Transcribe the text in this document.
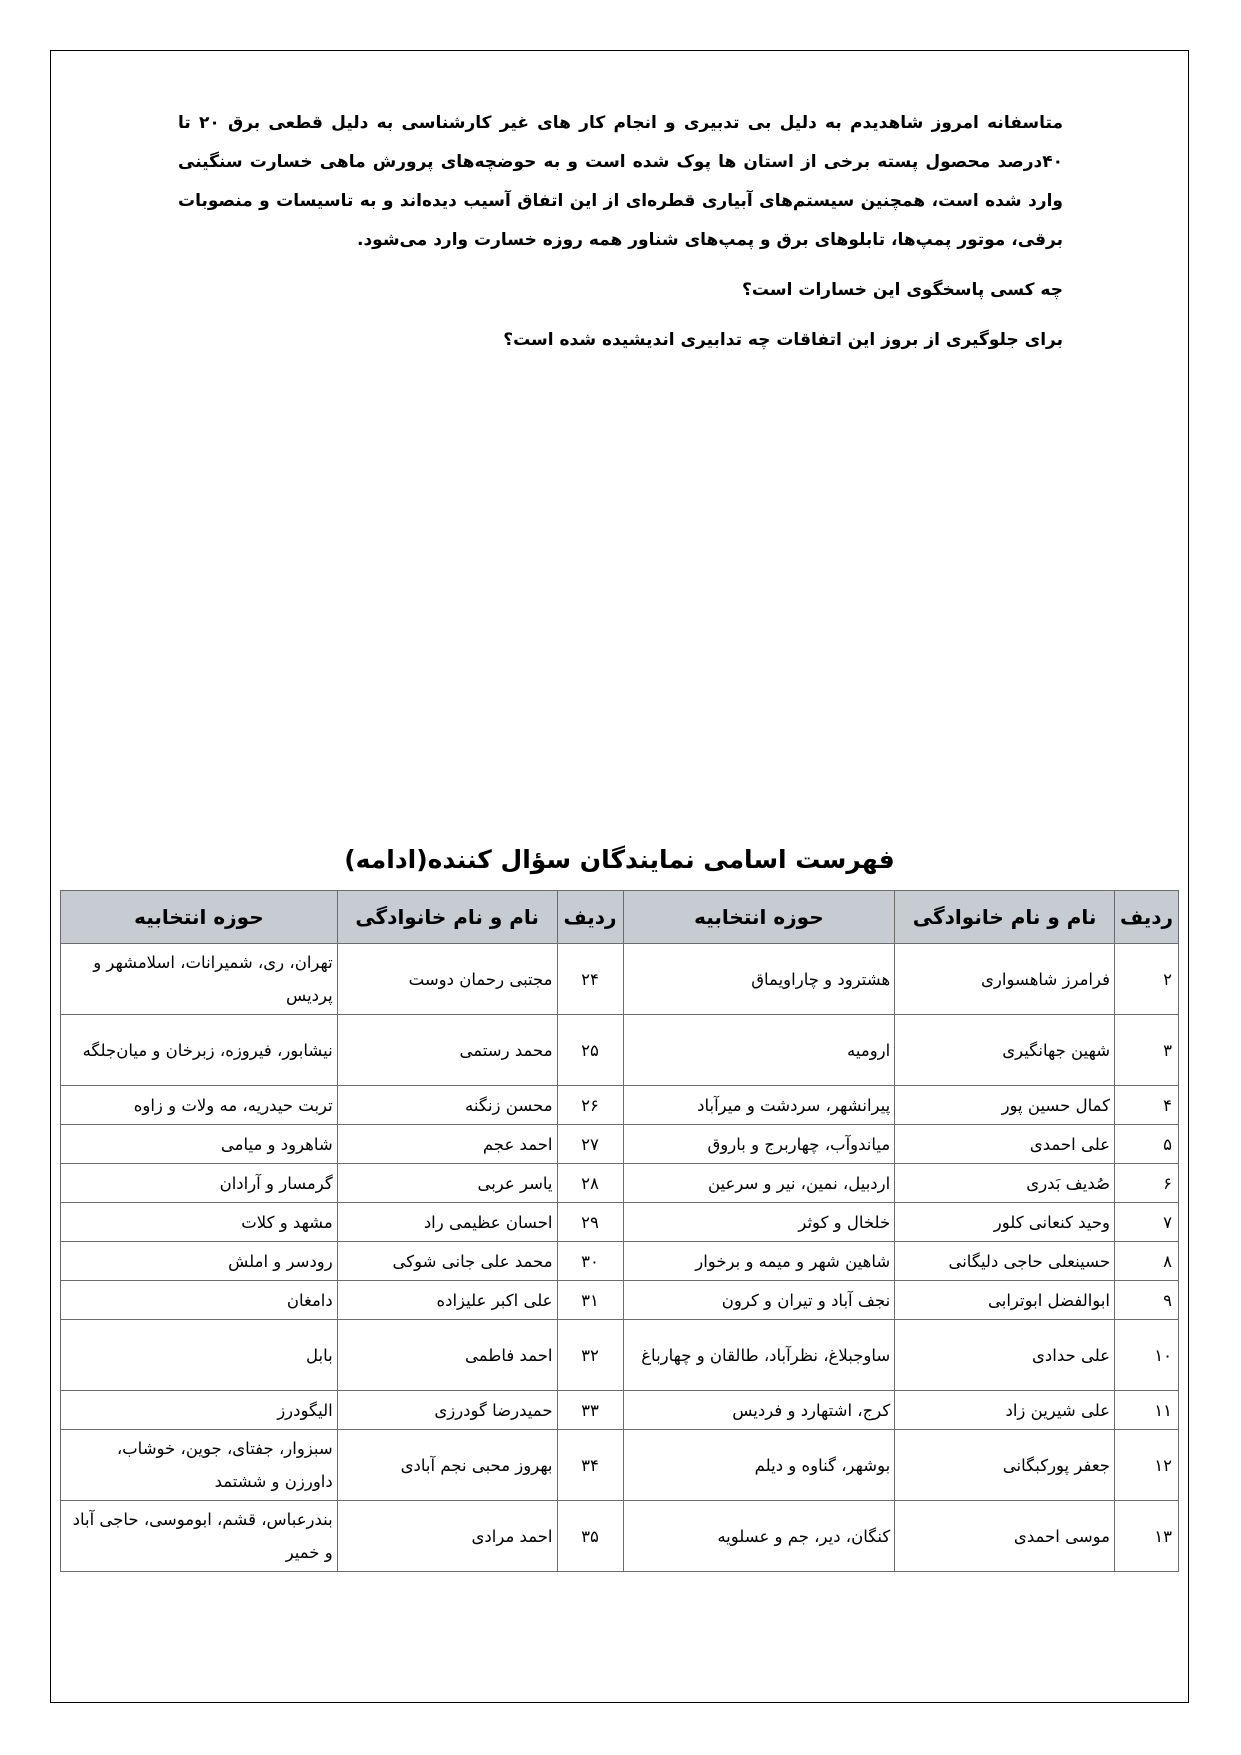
متاسفانه امروز شاهدیدم به دلیل بی تدبیری و انجام کار های غیر کارشناسی به دلیل قطعی برق ۲۰ تا ۴۰درصد محصول پسته برخی از استان ها پوک شده است و به حوضچه‌های پرورش ماهی خسارت سنگینی وارد شده است، همچنین سیستم‌های آبیاری قطره‌ای از این اتفاق آسیب دیده‌اند و به تاسیسات و منصوبات برقی، موتور پمپ‌ها، تابلوهای برق و پمپ‌های شناور همه روزه خسارت وارد می‌شود.

چه کسی پاسخگوی این خسارات است؟

برای جلوگیری از بروز این اتفاقات چه تدابیری اندیشیده شده است؟

فهرست اسامی نمایندگان سؤال کننده(ادامه)
ردیف	نام و نام خانوادگی	حوزه انتخابیه	ردیف	نام و نام خانوادگی	حوزه انتخابیه
۲	فرامرز شاهسواری	هشترود و چاراویماق	۲۴	مجتبی رحمان دوست	تهران، ری، شمیرانات، اسلامشهر و پردیس
۳	شهین جهانگیری	ارومیه	۲۵	محمد رستمی	نیشابور، فیروزه، زبرخان و میان‌جلگه
۴	کمال حسین پور	پیرانشهر، سردشت و میرآباد	۲۶	محسن زنگنه	تربت حیدریه، مه ولات و زاوه
۵	علی احمدی	میاندوآب، چهاربرج و باروق	۲۷	احمد عجم	شاهرود و میامی
۶	صُدیف بَدری	اردبیل، نمین، نیر و سرعین	۲۸	یاسر عربی	گرمسار و آرادان
۷	وحید کنعانی کلور	خلخال و کوثر	۲۹	احسان عظیمی راد	مشهد و کلات
۸	حسینعلی حاجی دلیگانی	شاهین شهر و میمه و برخوار	۳۰	محمد علی جانی شوکی	رودسر و املش
۹	ابوالفضل ابوترابی	نجف آباد و تیران و کرون	۳۱	علی اکبر علیزاده	دامغان
۱۰	علی حدادی	ساوجبلاغ، نظرآباد، طالقان و چهارباغ	۳۲	احمد فاطمی	بابل
۱۱	علی شیرین زاد	کرج، اشتهارد و فردیس	۳۳	حمیدرضا گودرزی	الیگودرز
۱۲	جعفر پورکبگانی	بوشهر، گناوه و دیلم	۳۴	بهروز محبی نجم آبادی	سبزوار، جفتای، جوین، خوشاب، داورزن و ششتمد
۱۳	موسی احمدی	کنگان، دیر، جم و عسلویه	۳۵	احمد مرادی	بندرعباس، قشم، ابوموسی، حاجی آباد و خمیر
